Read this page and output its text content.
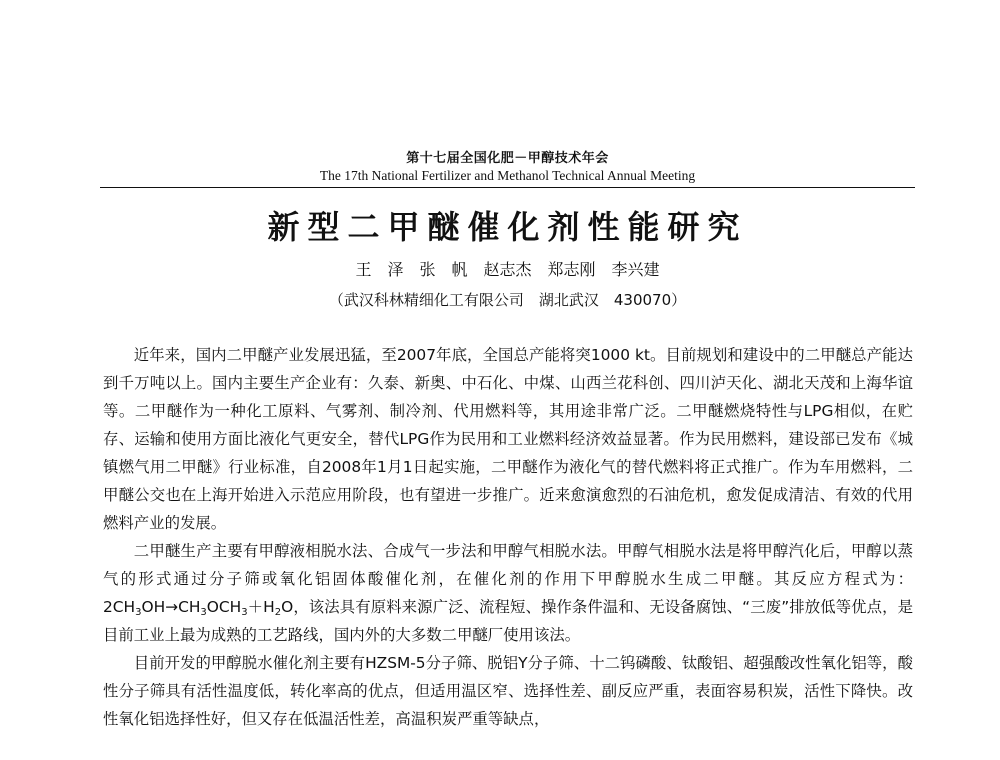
第十七届全国化肥－甲醇技术年会
The 17th National Fertilizer and Methanol Technical Annual Meeting
新型二甲醚催化剂性能研究
王　泽　张　帆　赵志杰　郑志刚　李兴建
（武汉科林精细化工有限公司　湖北武汉　430070）

近年来，国内二甲醚产业发展迅猛，至2007年底，全国总产能将突1000 kt。目前规划和建设中的二甲醚总产能达到千万吨以上。国内主要生产企业有：久泰、新奥、中石化、中煤、山西兰花科创、四川泸天化、湖北天茂和上海华谊等。二甲醚作为一种化工原料、气雾剂、制冷剂、代用燃料等，其用途非常广泛。二甲醚燃烧特性与LPG相似，在贮存、运输和使用方面比液化气更安全，替代LPG作为民用和工业燃料经济效益显著。作为民用燃料，建设部已发布《城镇燃气用二甲醚》行业标准，自2008年1月1日起实施，二甲醚作为液化气的替代燃料将正式推广。作为车用燃料，二甲醚公交也在上海开始进入示范应用阶段，也有望进一步推广。近来愈演愈烈的石油危机，愈发促成清洁、有效的代用燃料产业的发展。

二甲醚生产主要有甲醇液相脱水法、合成气一步法和甲醇气相脱水法。甲醇气相脱水法是将甲醇汽化后，甲醇以蒸气的形式通过分子筛或氧化铝固体酸催化剂，在催化剂的作用下甲醇脱水生成二甲醚。其反应方程式为：$2CH_3OH\to CH_3OCH_3+H_2O$，该法具有原料来源广泛、流程短、操作条件温和、无设备腐蚀、“三废”排放低等优点，是目前工业上最为成熟的工艺路线，国内外的大多数二甲醚厂使用该法。

目前开发的甲醇脱水催化剂主要有HZSM-5分子筛、脱铝Y分子筛、十二钨磷酸、钛酸铝、超强酸改性氧化铝等，酸性分子筛具有活性温度低，转化率高的优点，但适用温区窄、选择性差、副反应严重，表面容易积炭，活性下降快。改性氧化铝选择性好，但又存在低温活性差，高温积炭严重等缺点，
